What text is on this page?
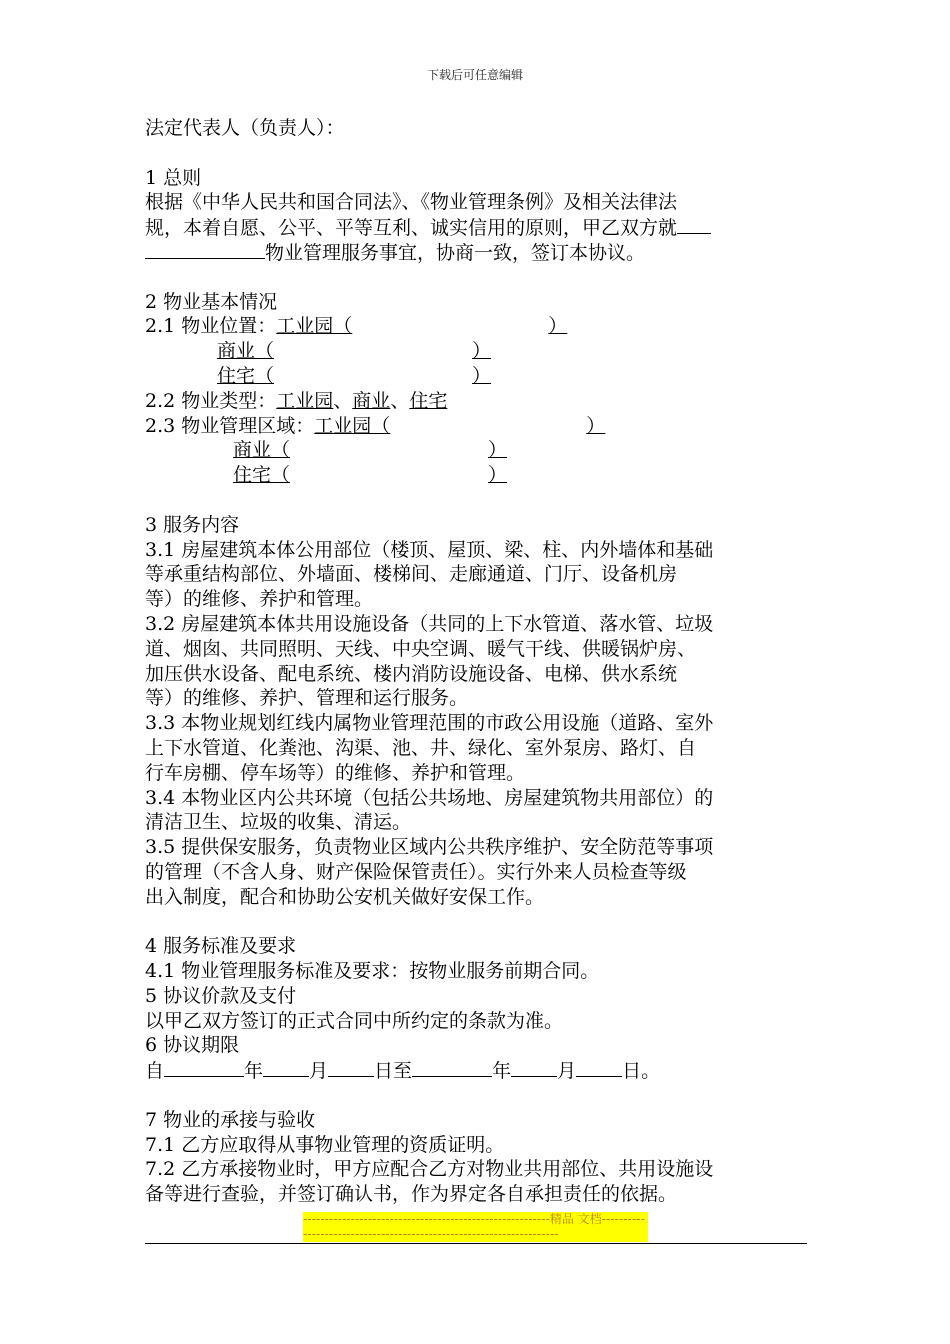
下载后可任意编辑
法定代表人（负责人）：
1 总则
根据《中华人民共和国合同法》、《物业管理条例》及相关法律法
规，本着自愿、公平、平等互利、诚实信用的原则，甲乙双方就
物业管理服务事宜，协商一致，签订本协议。
2 物业基本情况
2.1 物业位置：工业园（	）
商业（	）
住宅（	）
2.2 物业类型：工业园、商业、住宅
2.3 物业管理区域：工业园（	）
商业（	）
住宅（	）
3 服务内容
3.1 房屋建筑本体公用部位（楼顶、屋顶、梁、柱、内外墙体和基础
等承重结构部位、外墙面、楼梯间、走廊通道、门厅、设备机房
等）的维修、养护和管理。
3.2 房屋建筑本体共用设施设备（共同的上下水管道、落水管、垃圾
道、烟囱、共同照明、天线、中央空调、暖气干线、供暖锅炉房、
加压供水设备、配电系统、楼内消防设施设备、电梯、供水系统
等）的维修、养护、管理和运行服务。
3.3 本物业规划红线内属物业管理范围的市政公用设施（道路、室外
上下水管道、化粪池、沟渠、池、井、绿化、室外泵房、路灯、自
行车房棚、停车场等）的维修、养护和管理。
3.4 本物业区内公共环境（包括公共场地、房屋建筑物共用部位）的
清洁卫生、垃圾的收集、清运。
3.5 提供保安服务，负责物业区域内公共秩序维护、安全防范等事项
的管理（不含人身、财产保险保管责任）。实行外来人员检查等级
出入制度，配合和协助公安机关做好安保工作。
4 服务标准及要求
4.1 物业管理服务标准及要求：按物业服务前期合同。
5 协议价款及支付
以甲乙双方签订的正式合同中所约定的条款为准。
6 协议期限
自	年 月 日至	年 月 日。
7 物业的承接与验收
7.1 乙方应取得从事物业管理的资质证明。
7.2 乙方承接物业时，甲方应配合乙方对物业共用部位、共用设施设
备等进行查验，并签订确认书，作为界定各自承担责任的依据。
---------------------------------------------------------精品 文档---------------------------------------------------------------------
